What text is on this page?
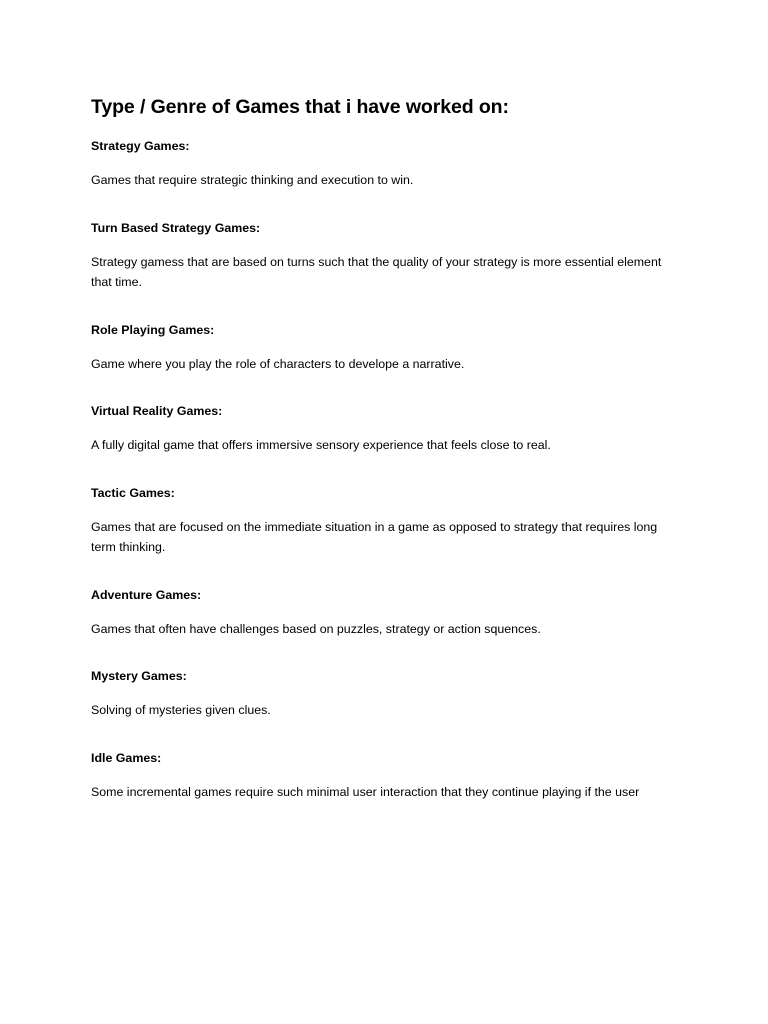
Type / Genre of Games that i have worked on:

Strategy Games:

Games that require strategic thinking and execution to win.

Turn Based Strategy Games:

Strategy gamess that are based on turns such that the quality of your strategy is more essential element that time.

Role Playing Games:

Game where you play the role of characters to develope a narrative.

Virtual Reality Games:

A fully digital game that offers immersive sensory experience that feels close to real.

Tactic Games:

Games that are focused on the immediate situation in a game as opposed to strategy that requires long term thinking.

Adventure Games:

Games that often have challenges based on puzzles, strategy or action squences.

Mystery Games:

Solving of mysteries given clues.

Idle Games:

Some incremental games require such minimal user interaction that they continue playing if the user
